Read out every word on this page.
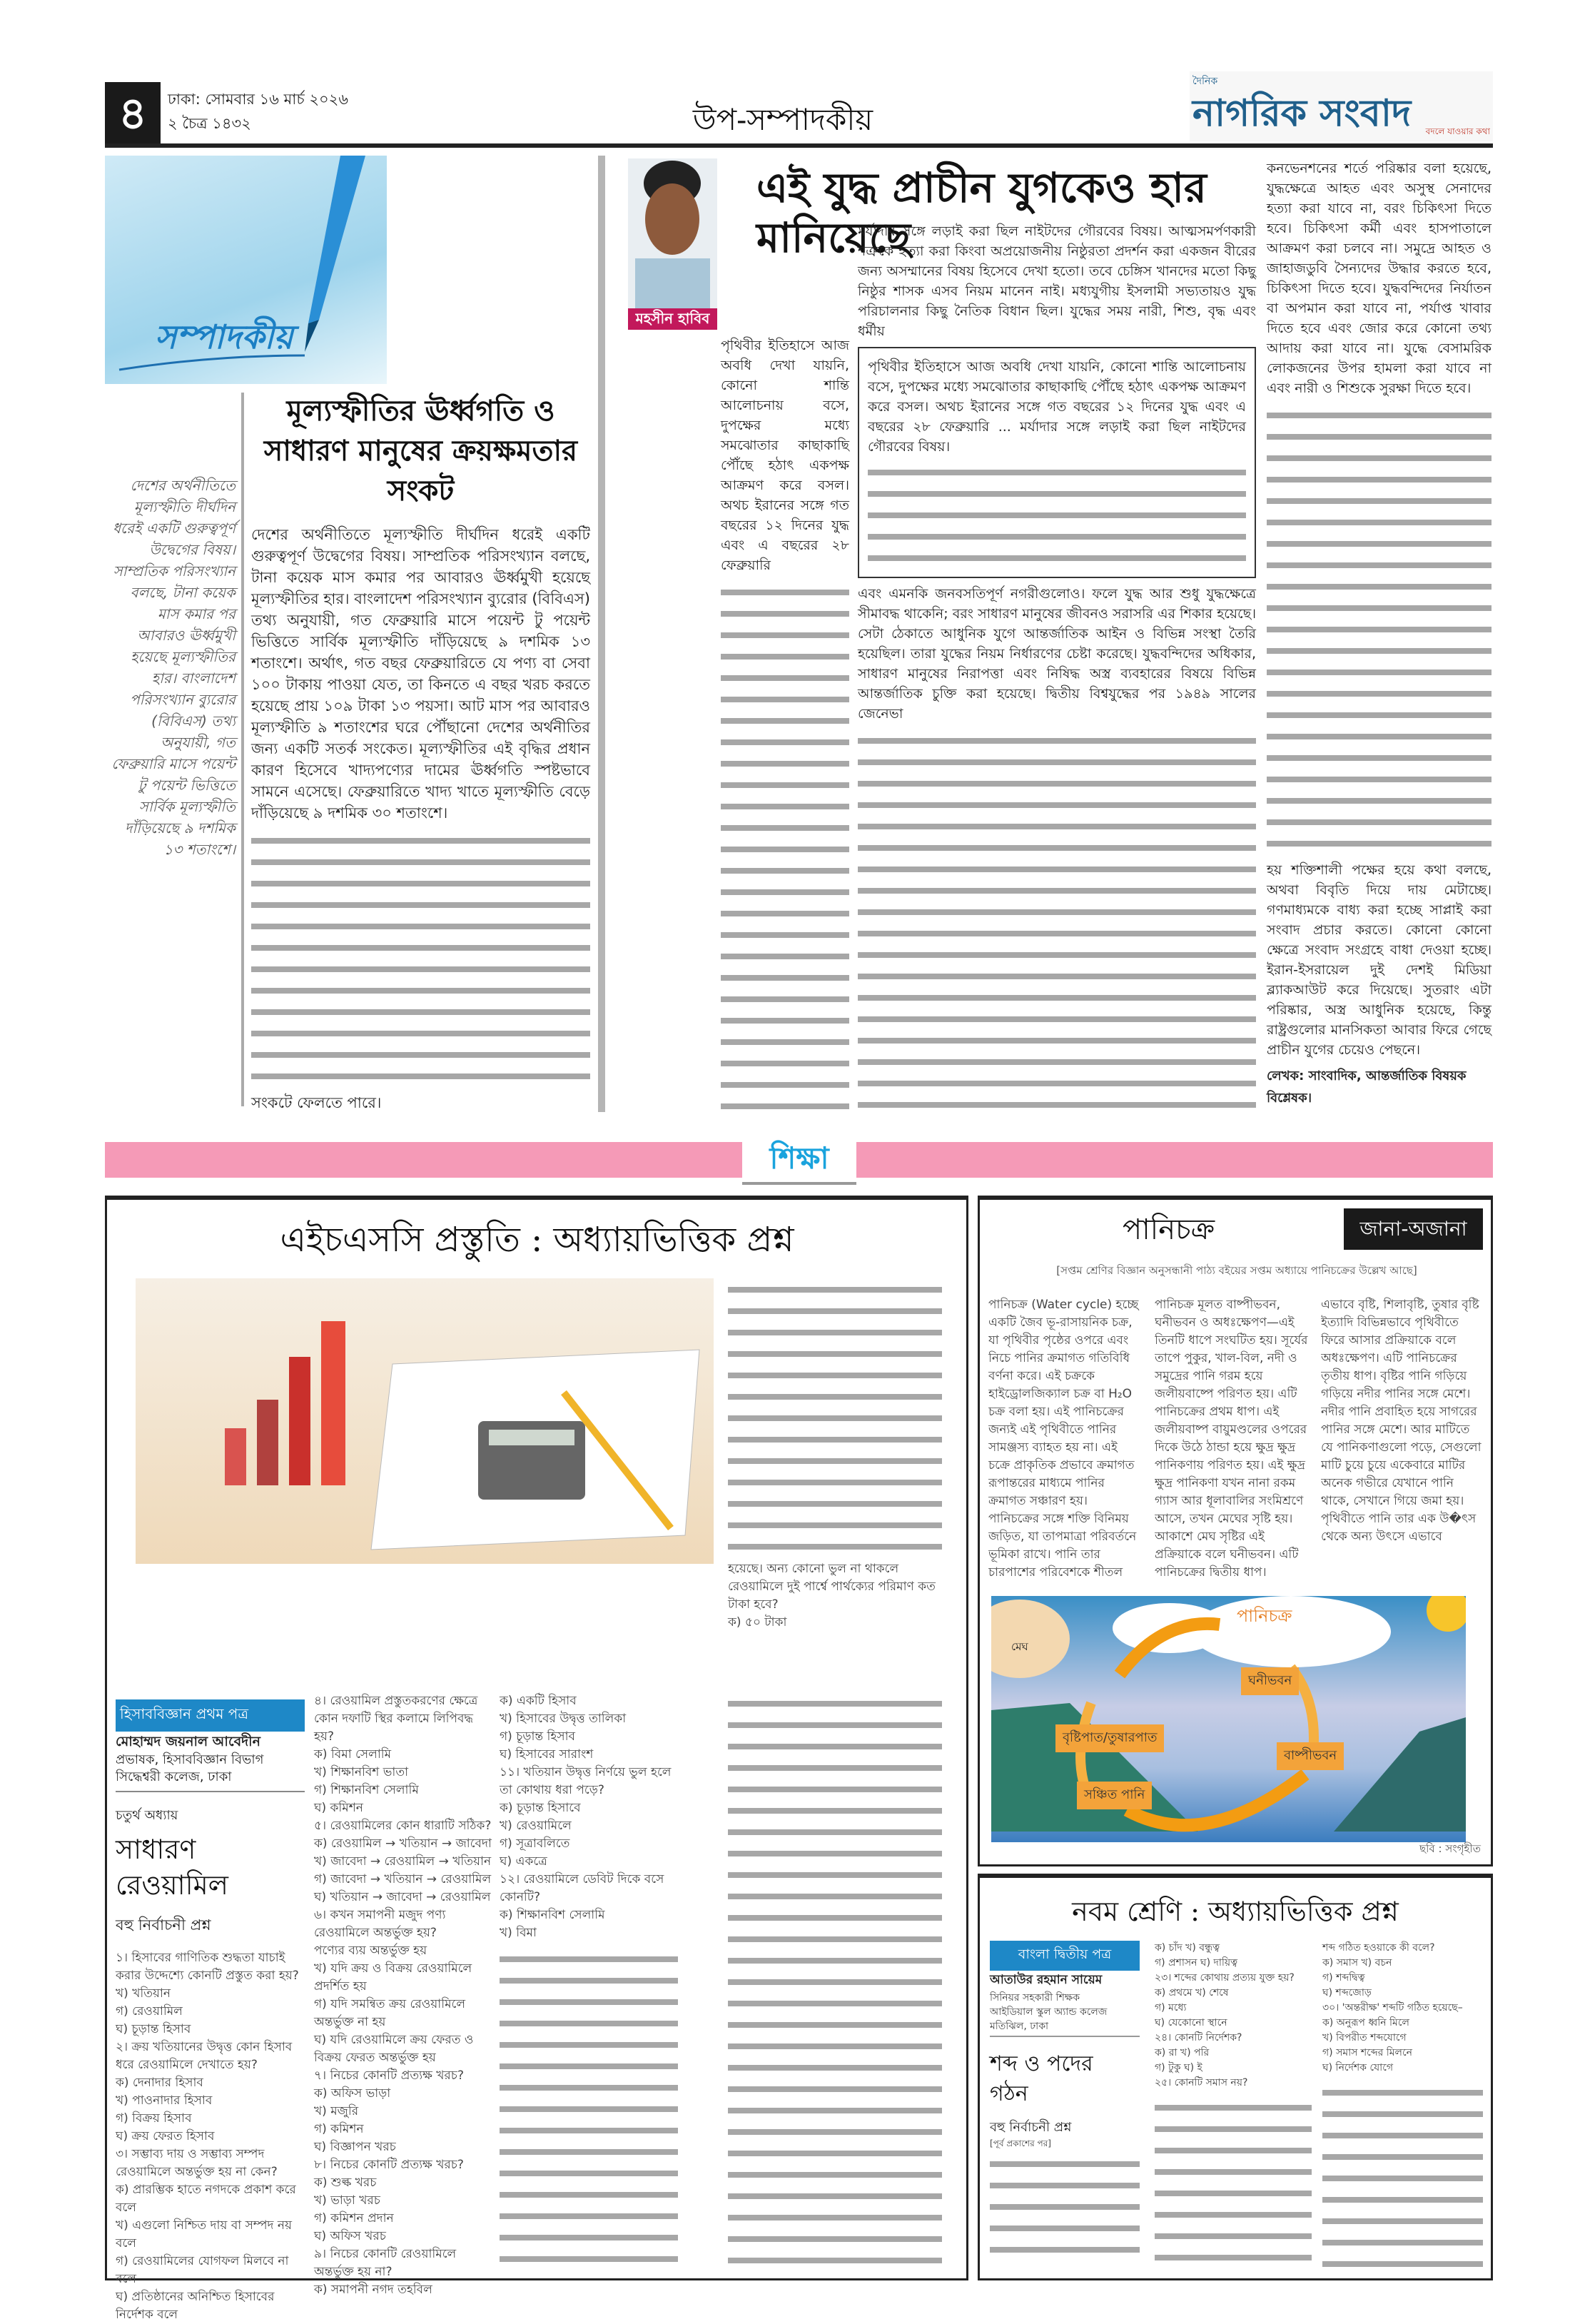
৪	ঢাকা: সোমবার ১৬ মার্চ ২০২৬
২ চৈত্র ১৪৩২	উপ-সম্পাদকীয়
দৈনিক
নাগরিক সংবাদ বদলে যাওয়ার কথা
সম্পাদকীয়
দেশের অর্থনীতিতে মূল্যস্ফীতি দীর্ঘদিন ধরেই একটি গুরুত্বপূর্ণ উদ্বেগের বিষয়। সাম্প্রতিক পরিসংখ্যান বলছে, টানা কয়েক মাস কমার পর আবারও ঊর্ধ্বমুখী হয়েছে মূল্যস্ফীতির হার। বাংলাদেশ পরিসংখ্যান ব্যুরোর (বিবিএস) তথ্য অনুযায়ী, গত ফেব্রুয়ারি মাসে পয়েন্ট টু পয়েন্ট ভিত্তিতে সার্বিক মূল্যস্ফীতি দাঁড়িয়েছে ৯ দশমিক ১৩ শতাংশে।
মূল্যস্ফীতির ঊর্ধ্বগতি ও সাধারণ মানুষের ক্রয়ক্ষমতার সংকট
দেশের অর্থনীতিতে মূল্যস্ফীতি দীর্ঘদিন ধরেই একটি গুরুত্বপূর্ণ উদ্বেগের বিষয়। সাম্প্রতিক পরিসংখ্যান বলছে, টানা কয়েক মাস কমার পর আবারও ঊর্ধ্বমুখী হয়েছে মূল্যস্ফীতির হার। বাংলাদেশ পরিসংখ্যান ব্যুরোর (বিবিএস) তথ্য অনুযায়ী, গত ফেব্রুয়ারি মাসে পয়েন্ট টু পয়েন্ট ভিত্তিতে সার্বিক মূল্যস্ফীতি দাঁড়িয়েছে ৯ দশমিক ১৩ শতাংশে। অর্থাৎ, গত বছর ফেব্রুয়ারিতে যে পণ্য বা সেবা ১০০ টাকায় পাওয়া যেত, তা কিনতে এ বছর খরচ করতে হয়েছে প্রায় ১০৯ টাকা ১৩ পয়সা। আট মাস পর আবারও মূল্যস্ফীতি ৯ শতাংশের ঘরে পৌঁছানো দেশের অর্থনীতির জন্য একটি সতর্ক সংকেত। মূল্যস্ফীতির এই বৃদ্ধির প্রধান কারণ হিসেবে খাদ্যপণ্যের দামের ঊর্ধ্বগতি স্পষ্টভাবে সামনে এসেছে। ফেব্রুয়ারিতে খাদ্য খাতে মূল্যস্ফীতি বেড়ে দাঁড়িয়েছে ৯ দশমিক ৩০ শতাংশে।
সংকটে ফেলতে পারে।
মহসীন হাবিব
এই যুদ্ধ প্রাচীন যুগকেও হার মানিয়েছে
পৃথিবীর ইতিহাসে আজ অবধি দেখা যায়নি, কোনো শান্তি আলোচনায় বসে, দুপক্ষের মধ্যে সমঝোতার কাছাকাছি পৌঁছে হঠাৎ একপক্ষ আক্রমণ করে বসল। অথচ ইরানের সঙ্গে গত বছরের ১২ দিনের যুদ্ধ এবং এ বছরের ২৮ ফেব্রুয়ারি
মর্যাদার সঙ্গে লড়াই করা ছিল নাইটদের গৌরবের বিষয়। আত্মসমর্পণকারী শত্রুকে হত্যা করা কিংবা অপ্রয়োজনীয় নিষ্ঠুরতা প্রদর্শন করা একজন বীরের জন্য অসম্মানের বিষয় হিসেবে দেখা হতো। তবে চেঙ্গিস খানদের মতো কিছু নিষ্ঠুর শাসক এসব নিয়ম মানেন নাই। মধ্যযুগীয় ইসলামী সভ্যতায়ও যুদ্ধ পরিচালনার কিছু নৈতিক বিধান ছিল। যুদ্ধের সময় নারী, শিশু, বৃদ্ধ এবং ধর্মীয়
পৃথিবীর ইতিহাসে আজ অবধি দেখা যায়নি, কোনো শান্তি আলোচনায় বসে, দুপক্ষের মধ্যে সমঝোতার কাছাকাছি পৌঁছে হঠাৎ একপক্ষ আক্রমণ করে বসল। অথচ ইরানের সঙ্গে গত বছরের ১২ দিনের যুদ্ধ এবং এ বছরের ২৮ ফেব্রুয়ারি ... মর্যাদার সঙ্গে লড়াই করা ছিল নাইটদের গৌরবের বিষয়।
এবং এমনকি জনবসতিপূর্ণ নগরীগুলোও। ফলে যুদ্ধ আর শুধু যুদ্ধক্ষেত্রে সীমাবদ্ধ থাকেনি; বরং সাধারণ মানুষের জীবনও সরাসরি এর শিকার হয়েছে। সেটা ঠেকাতে আধুনিক যুগে আন্তর্জাতিক আইন ও বিভিন্ন সংস্থা তৈরি হয়েছিল। তারা যুদ্ধের নিয়ম নির্ধারণের চেষ্টা করেছে। যুদ্ধবন্দিদের অধিকার, সাধারণ মানুষের নিরাপত্তা এবং নিষিদ্ধ অস্ত্র ব্যবহারের বিষয়ে বিভিন্ন আন্তর্জাতিক চুক্তি করা হয়েছে। দ্বিতীয় বিশ্বযুদ্ধের পর ১৯৪৯ সালের জেনেভা
কনভেনশনের শর্তে পরিষ্কার বলা হয়েছে, যুদ্ধক্ষেত্রে আহত এবং অসুস্থ সেনাদের হত্যা করা যাবে না, বরং চিকিৎসা দিতে হবে। চিকিৎসা কর্মী এবং হাসপাতালে আক্রমণ করা চলবে না। সমুদ্রে আহত ও জাহাজডুবি সৈন্যদের উদ্ধার করতে হবে, চিকিৎসা দিতে হবে। যুদ্ধবন্দিদের নির্যাতন বা অপমান করা যাবে না, পর্যাপ্ত খাবার দিতে হবে এবং জোর করে কোনো তথ্য আদায় করা যাবে না। যুদ্ধে বেসামরিক লোকজনের উপর হামলা করা যাবে না এবং নারী ও শিশুকে সুরক্ষা দিতে হবে।
হয় শক্তিশালী পক্ষের হয়ে কথা বলছে, অথবা বিবৃতি দিয়ে দায় মেটাচ্ছে। গণমাধ্যমকে বাধ্য করা হচ্ছে সাপ্লাই করা সংবাদ প্রচার করতে। কোনো কোনো ক্ষেত্রে সংবাদ সংগ্রহে বাধা দেওয়া হচ্ছে। ইরান-ইসরায়েল দুই দেশই মিডিয়া ব্ল্যাকআউট করে দিয়েছে। সুতরাং এটা পরিষ্কার, অস্ত্র আধুনিক হয়েছে, কিন্তু রাষ্ট্রগুলোর মানসিকতা আবার ফিরে গেছে প্রাচীন যুগের চেয়েও পেছনে।
লেখক: সাংবাদিক, আন্তর্জাতিক বিষয়ক বিশ্লেষক।
শিক্ষা
এইচএসসি প্রস্তুতি : অধ্যায়ভিত্তিক প্রশ্ন
হিসাববিজ্ঞান প্রথম পত্র
মোহাম্মদ জয়নাল আবেদীন
প্রভাষক, হিসাববিজ্ঞান বিভাগ
সিদ্ধেশ্বরী কলেজ, ঢাকা
চতুর্থ অধ্যায়
সাধারণ রেওয়ামিল
বহু নির্বাচনী প্রশ্ন
১। হিসাবের গাণিতিক শুদ্ধতা যাচাই করার উদ্দেশ্যে কোনটি প্রস্তুত করা হয়?
খ) খতিয়ান
গ) রেওয়ামিল
ঘ) চূড়ান্ত হিসাব
২। ক্রয় খতিয়ানের উদ্বৃত্ত কোন হিসাব ধরে রেওয়ামিলে দেখাতে হয়?
ক) দেনাদার হিসাব
খ) পাওনাদার হিসাব
গ) বিক্রয় হিসাব
ঘ) ক্রয় ফেরত হিসাব
৩। সম্ভাব্য দায় ও সম্ভাব্য সম্পদ রেওয়ামিলে অন্তর্ভুক্ত হয় না কেন?
ক) প্রারম্ভিক হাতে নগদকে প্রকাশ করে বলে
খ) এগুলো নিশ্চিত দায় বা সম্পদ নয় বলে
গ) রেওয়ামিলের যোগফল মিলবে না বলে
ঘ) প্রতিষ্ঠানের অনিশ্চিত হিসাবের নির্দেশক বলে
৪। রেওয়ামিল প্রস্তুতকরণের ক্ষেত্রে কোন দফাটি স্থির কলামে লিপিবদ্ধ হয়?
ক) বিমা সেলামি
খ) শিক্ষানবিশ ভাতা
গ) শিক্ষানবিশ সেলামি
ঘ) কমিশন
৫। রেওয়ামিলের কোন ধারাটি সঠিক?
ক) রেওয়ামিল → খতিয়ান → জাবেদা
খ) জাবেদা → রেওয়ামিল → খতিয়ান
গ) জাবেদা → খতিয়ান → রেওয়ামিল
ঘ) খতিয়ান → জাবেদা → রেওয়ামিল
৬। কখন সমাপনী মজুদ পণ্য রেওয়ামিলে অন্তর্ভুক্ত হয়?
পণ্যের ব্যয় অন্তর্ভুক্ত হয়
খ) যদি ক্রয় ও বিক্রয় রেওয়ামিলে প্রদর্শিত হয়
গ) যদি সমন্বিত ক্রয় রেওয়ামিলে অন্তর্ভুক্ত না হয়
ঘ) যদি রেওয়ামিলে ক্রয় ফেরত ও বিক্রয় ফেরত অন্তর্ভুক্ত হয়
৭। নিচের কোনটি প্রত্যক্ষ খরচ?
ক) অফিস ভাড়া
খ) মজুরি
গ) কমিশন
ঘ) বিজ্ঞাপন খরচ
৮। নিচের কোনটি প্রত্যক্ষ খরচ?
ক) শুল্ক খরচ
খ) ভাড়া খরচ
গ) কমিশন প্রদান
ঘ) অফিস খরচ
৯। নিচের কোনটি রেওয়ামিলে অন্তর্ভুক্ত হয় না?
ক) সমাপনী নগদ তহবিল
ক) একটি হিসাব
খ) হিসাবের উদ্বৃত্ত তালিকা
গ) চূড়ান্ত হিসাব
ঘ) হিসাবের সারাংশ
১১। খতিয়ান উদ্বৃত্ত নির্ণয়ে ভুল হলে তা কোথায় ধরা পড়ে?
ক) চূড়ান্ত হিসাবে
খ) রেওয়ামিলে
গ) সূত্রাবলিতে
ঘ) একত্রে
১২। রেওয়ামিলে ডেবিট দিকে বসে কোনটি?
ক) শিক্ষানবিশ সেলামি
খ) বিমা
হয়েছে। অন্য কোনো ভুল না থাকলে রেওয়ামিলে দুই পার্শ্বে পার্থক্যের পরিমাণ কত টাকা হবে?
ক) ৫০ টাকা
পানিচক্র	জানা-অজানা
[সপ্তম শ্রেণির বিজ্ঞান অনুসন্ধানী পাঠ্য বইয়ের সপ্তম অধ্যায়ে পানিচক্রের উল্লেখ আছে]
পানিচক্র (Water cycle) হচ্ছে একটি জৈব ভূ-রাসায়নিক চক্র, যা পৃথিবীর পৃষ্ঠের ওপরে এবং নিচে পানির ক্রমাগত গতিবিধি বর্ণনা করে। এই চক্রকে হাইড্রোলজিক্যাল চক্র বা H₂O চক্র বলা হয়। এই পানিচক্রের জন্যই এই পৃথিবীতে পানির সামঞ্জস্য ব্যাহত হয় না। এই চক্রে প্রাকৃতিক প্রভাবে ক্রমাগত রূপান্তরের মাধ্যমে পানির ক্রমাগত সঞ্চারণ হয়। পানিচক্রের সঙ্গে শক্তি বিনিময় জড়িত, যা তাপমাত্রা পরিবর্তনে ভূমিকা রাখে। পানি তার চারপাশের পরিবেশকে শীতল
পানিচক্র মূলত বাষ্পীভবন, ঘনীভবন ও অধঃক্ষেপণ—এই তিনটি ধাপে সংঘটিত হয়। সূর্যের তাপে পুকুর, খাল-বিল, নদী ও সমুদ্রের পানি গরম হয়ে জলীয়বাষ্পে পরিণত হয়। এটি পানিচক্রের প্রথম ধাপ। এই জলীয়বাষ্প বায়ুমণ্ডলের ওপরের দিকে উঠে ঠান্ডা হয়ে ক্ষুদ্র ক্ষুদ্র পানিকণায় পরিণত হয়। এই ক্ষুদ্র ক্ষুদ্র পানিকণা যখন নানা রকম গ্যাস আর ধূলাবালির সংমিশ্রণে আসে, তখন মেঘের সৃষ্টি হয়। আকাশে মেঘ সৃষ্টির এই প্রক্রিয়াকে বলে ঘনীভবন। এটি পানিচক্রের দ্বিতীয় ধাপ।
এভাবে বৃষ্টি, শিলাবৃষ্টি, তুষার বৃষ্টি ইত্যাদি বিভিন্নভাবে পৃথিবীতে ফিরে আসার প্রক্রিয়াকে বলে অধঃক্ষেপণ। এটি পানিচক্রের তৃতীয় ধাপ। বৃষ্টির পানি গড়িয়ে গড়িয়ে নদীর পানির সঙ্গে মেশে। নদীর পানি প্রবাহিত হয়ে সাগরের পানির সঙ্গে মেশে। আর মাটিতে যে পানিকণাগুলো পড়ে, সেগুলো মাটি চুয়ে চুয়ে একেবারে মাটির অনেক গভীরে যেখানে পানি থাকে, সেখানে গিয়ে জমা হয়। পৃথিবীতে পানি তার এক উ�ৎস থেকে অন্য উৎসে এভাবে
পানিচক্র
মেঘ
ঘনীভবন
বৃষ্টিপাত/তুষারপাত
বাষ্পীভবন
সঞ্চিত পানি
ছবি : সংগৃহীত
নবম শ্রেণি : অধ্যায়ভিত্তিক প্রশ্ন
বাংলা দ্বিতীয় পত্র
আতাউর রহমান সায়েম
সিনিয়র সহকারী শিক্ষক
আইডিয়াল স্কুল অ্যান্ড কলেজ
মতিঝিল, ঢাকা
শব্দ ও পদের গঠন
বহু নির্বাচনী প্রশ্ন
[পূর্ব প্রকাশের পর]
ক) চাঁদ খ) বন্ধুত্ব
গ) প্রশাসন ঘ) দায়িত্ব
২৩। শব্দের কোথায় প্রত্যয় যুক্ত হয়?
ক) প্রথমে খ) শেষে
গ) মধ্যে
ঘ) যেকোনো স্থানে
২৪। কোনটি নির্দেশক?
ক) রা খ) পরি
গ) টুকু ঘ) ই
২৫। কোনটি সমাস নয়?
শব্দ গঠিত হওয়াকে কী বলে?
ক) সমাস খ) বচন
গ) শব্দদ্বিত্ব
ঘ) শব্দজোড়
৩০। 'অন্তরীক্ষ' শব্দটি গঠিত হয়েছে–
ক) অনুরূপ ধ্বনি মিলে
খ) বিপরীত শব্দযোগে
গ) সমাস শব্দের মিলনে
ঘ) নির্দেশক যোগে
